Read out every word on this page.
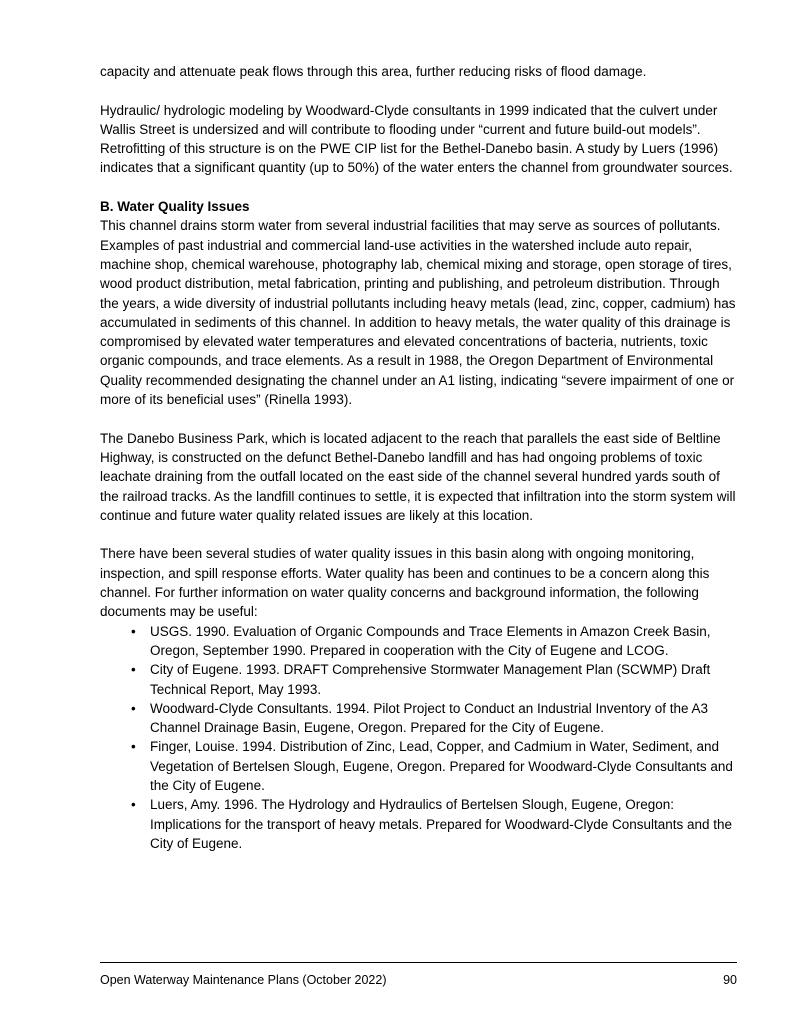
capacity and attenuate peak flows through this area, further reducing risks of flood damage.

Hydraulic/ hydrologic modeling by Woodward-Clyde consultants in 1999 indicated that the culvert under Wallis Street is undersized and will contribute to flooding under “current and future build-out models”. Retrofitting of this structure is on the PWE CIP list for the Bethel-Danebo basin. A study by Luers (1996) indicates that a significant quantity (up to 50%) of the water enters the channel from groundwater sources.

B. Water Quality Issues

This channel drains storm water from several industrial facilities that may serve as sources of pollutants. Examples of past industrial and commercial land-use activities in the watershed include auto repair, machine shop, chemical warehouse, photography lab, chemical mixing and storage, open storage of tires, wood product distribution, metal fabrication, printing and publishing, and petroleum distribution. Through the years, a wide diversity of industrial pollutants including heavy metals (lead, zinc, copper, cadmium) has accumulated in sediments of this channel. In addition to heavy metals, the water quality of this drainage is compromised by elevated water temperatures and elevated concentrations of bacteria, nutrients, toxic organic compounds, and trace elements. As a result in 1988, the Oregon Department of Environmental Quality recommended designating the channel under an A1 listing, indicating “severe impairment of one or more of its beneficial uses” (Rinella 1993).

The Danebo Business Park, which is located adjacent to the reach that parallels the east side of Beltline Highway, is constructed on the defunct Bethel-Danebo landfill and has had ongoing problems of toxic leachate draining from the outfall located on the east side of the channel several hundred yards south of the railroad tracks. As the landfill continues to settle, it is expected that infiltration into the storm system will continue and future water quality related issues are likely at this location.

There have been several studies of water quality issues in this basin along with ongoing monitoring, inspection, and spill response efforts. Water quality has been and continues to be a concern along this channel. For further information on water quality concerns and background information, the following documents may be useful:

• USGS. 1990. Evaluation of Organic Compounds and Trace Elements in Amazon Creek Basin, Oregon, September 1990. Prepared in cooperation with the City of Eugene and LCOG.
• City of Eugene. 1993. DRAFT Comprehensive Stormwater Management Plan (SCWMP) Draft Technical Report, May 1993.
• Woodward-Clyde Consultants. 1994. Pilot Project to Conduct an Industrial Inventory of the A3 Channel Drainage Basin, Eugene, Oregon. Prepared for the City of Eugene.
• Finger, Louise. 1994. Distribution of Zinc, Lead, Copper, and Cadmium in Water, Sediment, and Vegetation of Bertelsen Slough, Eugene, Oregon. Prepared for Woodward-Clyde Consultants and the City of Eugene.
• Luers, Amy. 1996. The Hydrology and Hydraulics of Bertelsen Slough, Eugene, Oregon: Implications for the transport of heavy metals. Prepared for Woodward-Clyde Consultants and the City of Eugene.
Open Waterway Maintenance Plans (October 2022)	90
